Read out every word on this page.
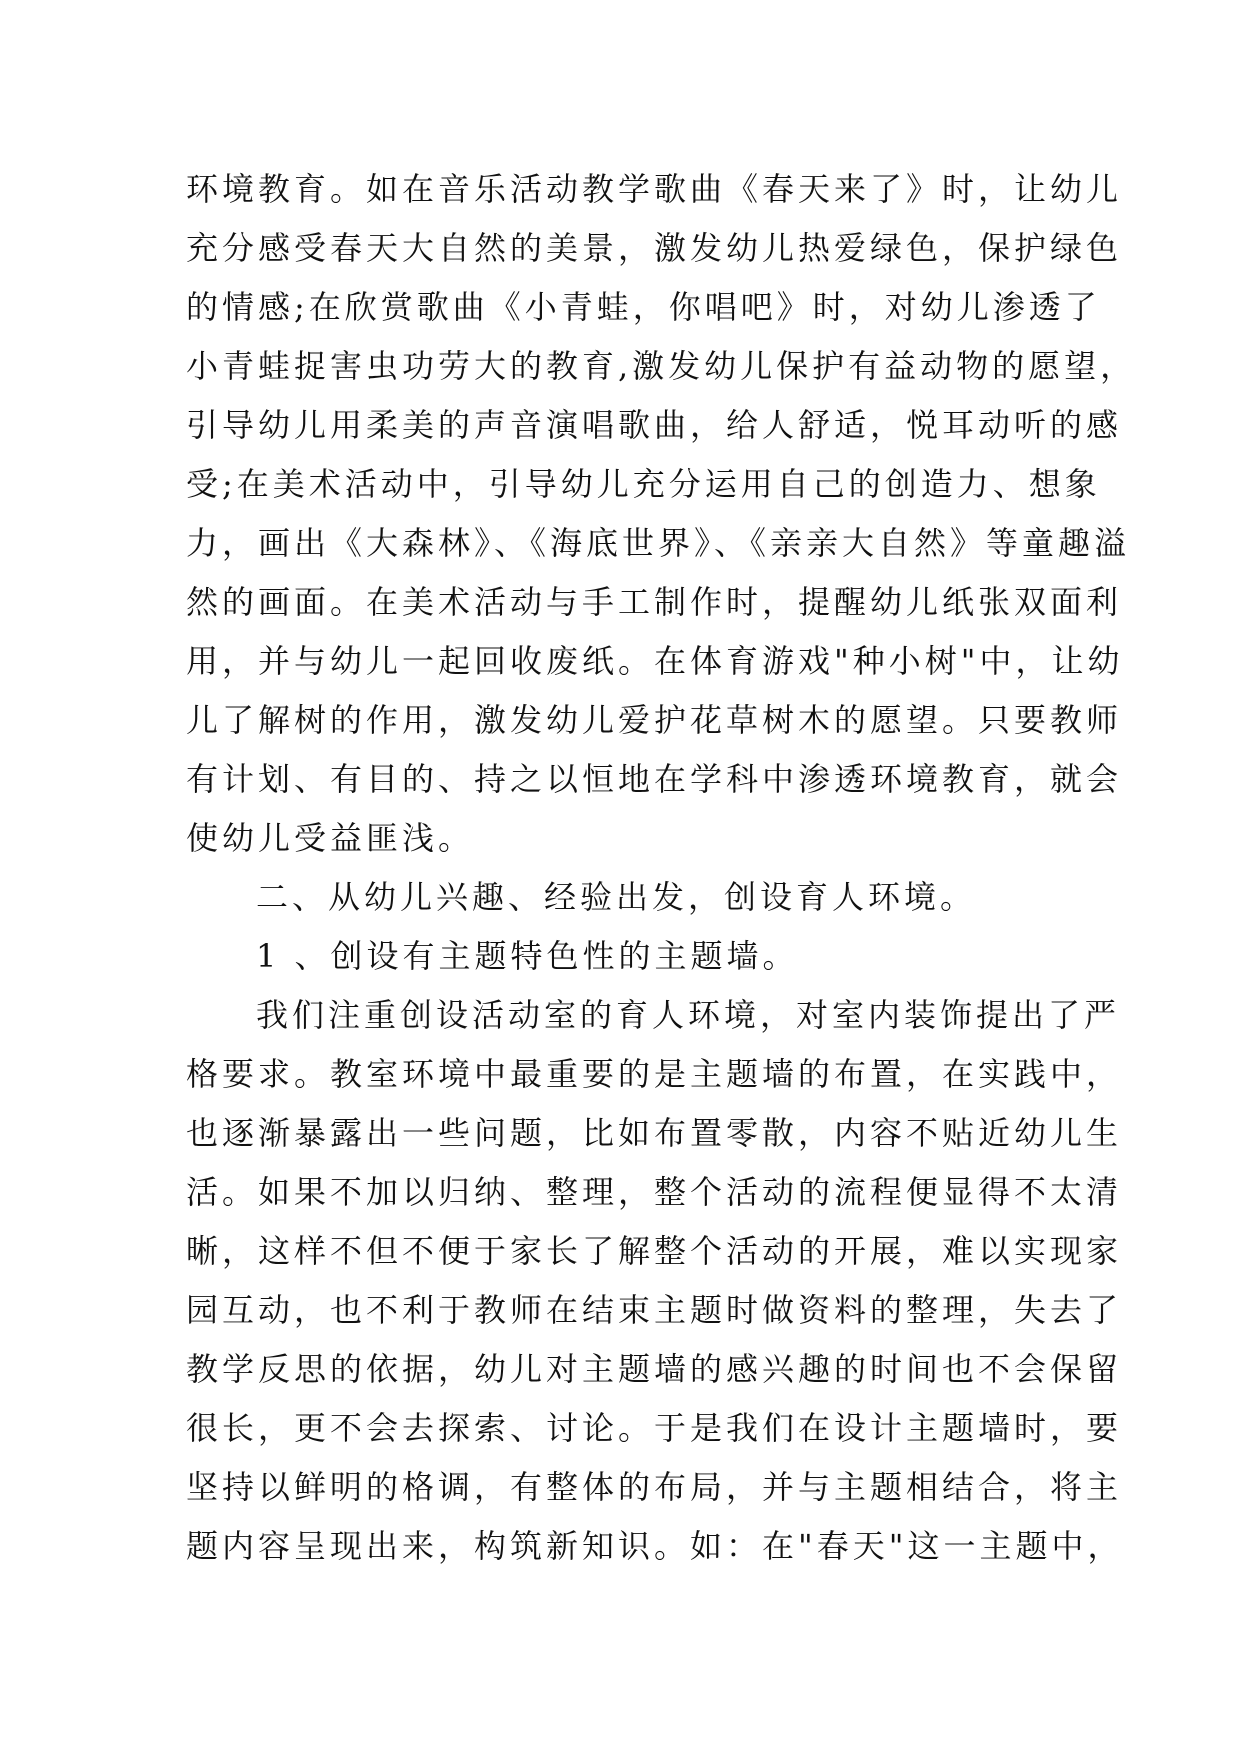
环境教育。如在音乐活动教学歌曲《春天来了》时，让幼儿
充分感受春天大自然的美景，激发幼儿热爱绿色，保护绿色
的情感;在欣赏歌曲《小青蛙，你唱吧》时，对幼儿渗透了
小青蛙捉害虫功劳大的教育,激发幼儿保护有益动物的愿望，
引导幼儿用柔美的声音演唱歌曲，给人舒适，悦耳动听的感
受;在美术活动中，引导幼儿充分运用自己的创造力、想象
力，画出《大森林》、《海底世界》、《亲亲大自然》等童趣溢
然的画面。在美术活动与手工制作时，提醒幼儿纸张双面利
用，并与幼儿一起回收废纸。在体育游戏"种小树"中，让幼
儿了解树的作用，激发幼儿爱护花草树木的愿望。只要教师
有计划、有目的、持之以恒地在学科中渗透环境教育，就会
使幼儿受益匪浅。
二、从幼儿兴趣、经验出发，创设育人环境。
1 、创设有主题特色性的主题墙。
我们注重创设活动室的育人环境，对室内装饰提出了严
格要求。教室环境中最重要的是主题墙的布置，在实践中，
也逐渐暴露出一些问题，比如布置零散，内容不贴近幼儿生
活。如果不加以归纳、整理，整个活动的流程便显得不太清
晰，这样不但不便于家长了解整个活动的开展，难以实现家
园互动，也不利于教师在结束主题时做资料的整理，失去了
教学反思的依据，幼儿对主题墙的感兴趣的时间也不会保留
很长，更不会去探索、讨论。于是我们在设计主题墙时，要
坚持以鲜明的格调，有整体的布局，并与主题相结合，将主
题内容呈现出来，构筑新知识。如：在"春天"这一主题中，
